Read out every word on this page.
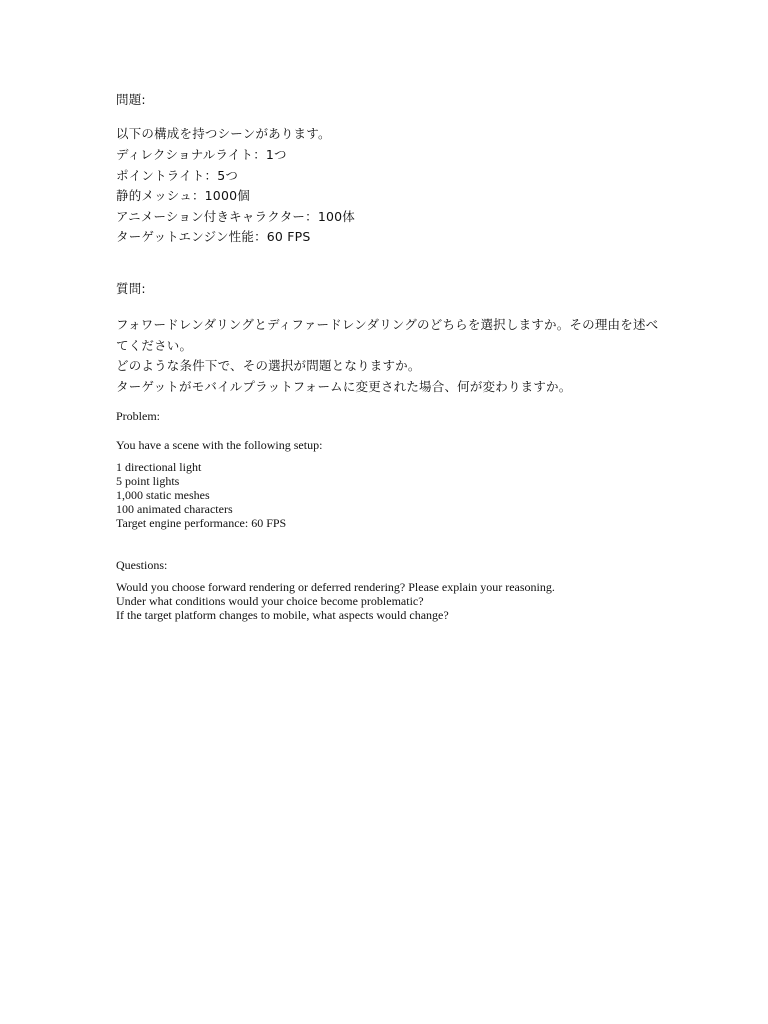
問題:
以下の構成を持つシーンがあります。
ディレクショナルライト：1つ
ポイントライト：5つ
静的メッシュ：1000個
アニメーション付きキャラクター：100体
ターゲットエンジン性能：60 FPS
質問:
フォワードレンダリングとディファードレンダリングのどちらを選択しますか。その理由を述べてください。
どのような条件下で、その選択が問題となりますか。
ターゲットがモバイルプラットフォームに変更された場合、何が変わりますか。
Problem:
You have a scene with the following setup:
1 directional light
5 point lights
1,000 static meshes
100 animated characters
Target engine performance: 60 FPS
Questions:
Would you choose forward rendering or deferred rendering? Please explain your reasoning.
Under what conditions would your choice become problematic?
If the target platform changes to mobile, what aspects would change?
